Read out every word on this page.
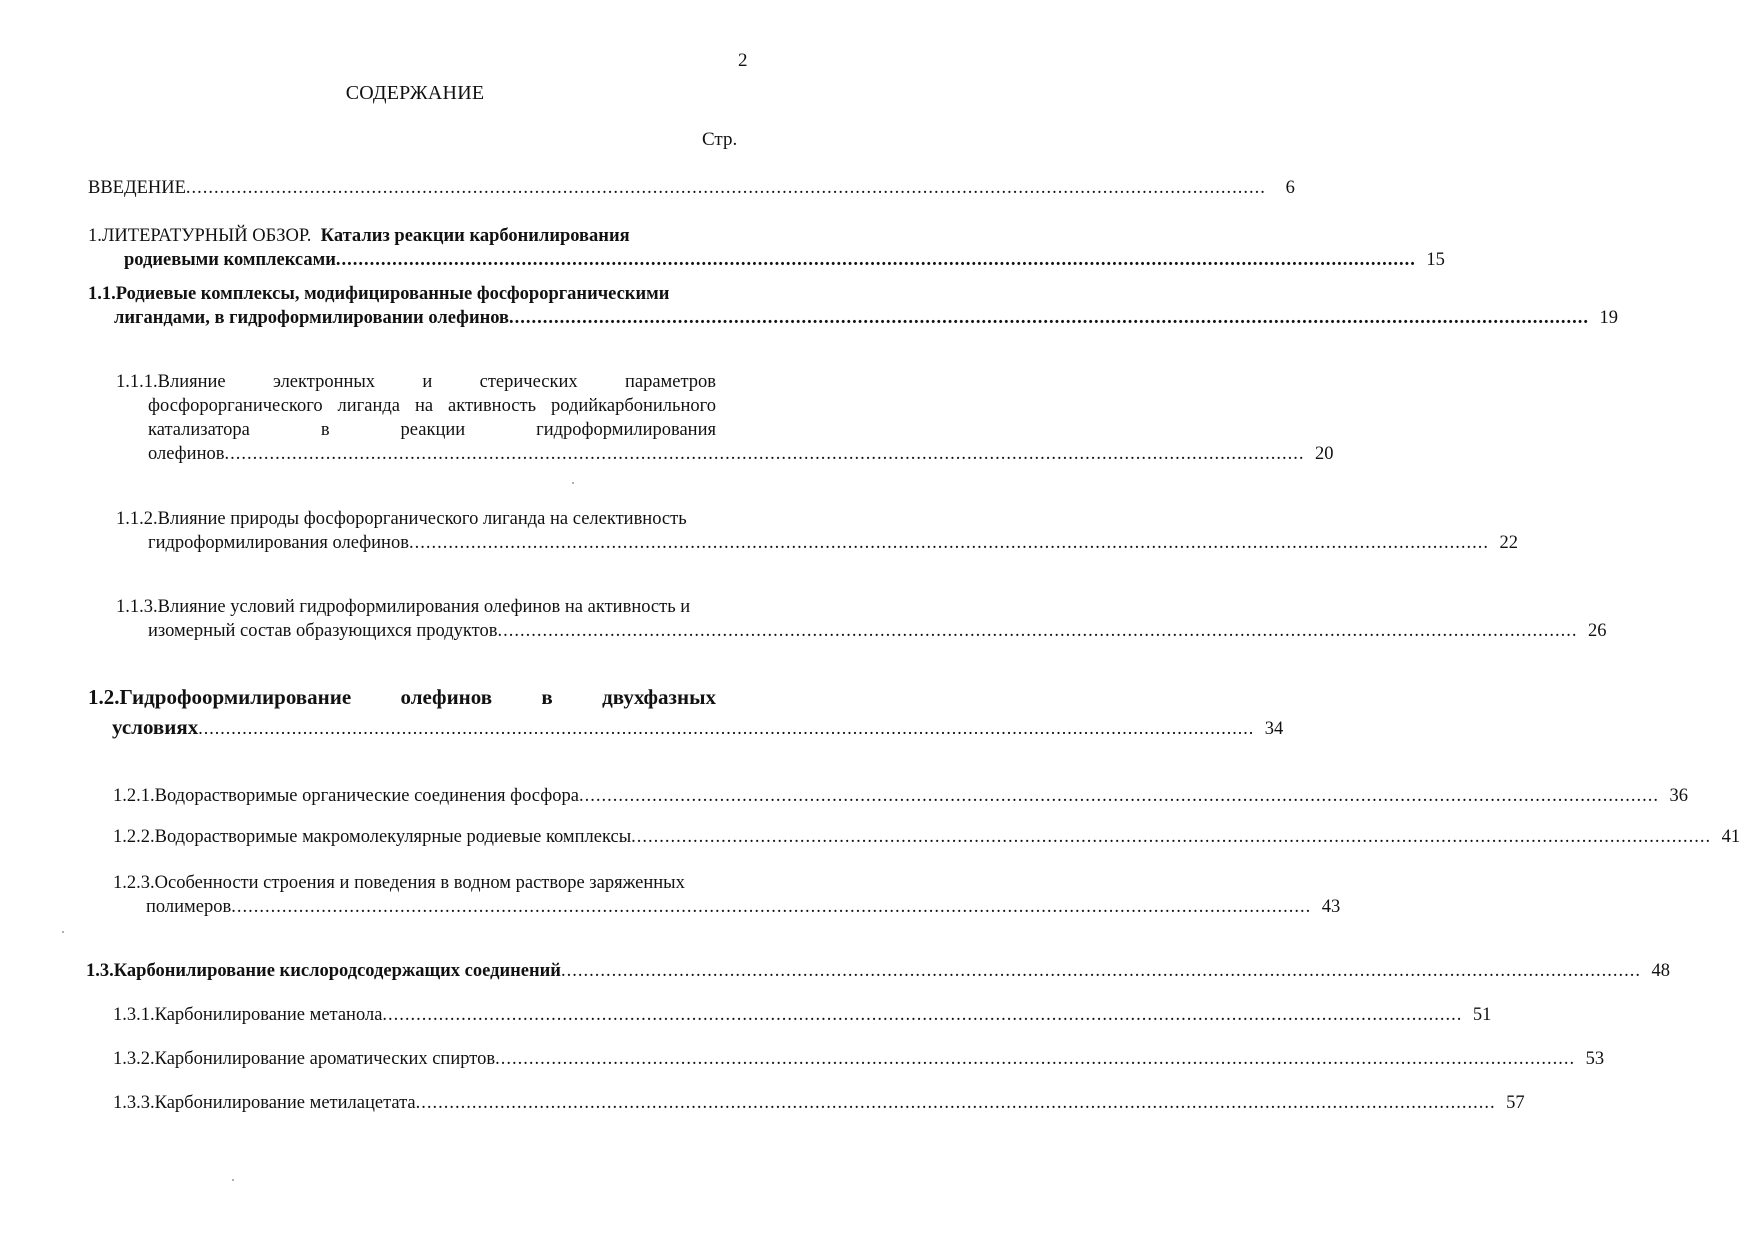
2
СОДЕРЖАНИЕ
Стр.
ВВЕДЕНИЕ ................................................................................................................................................................................................	6
1.ЛИТЕРАТУРНЫЙ ОБЗОР. Катализ реакции карбонилирования
родиевыми комплексами ................................................................................................................................................................................................ 15
1.1.Родиевые комплексы, модифицированные фосфорорганическими
лигандами, в гидроформилировании олефинов ................................................................................................................................................................................................ 19
1.1.1.Влияние электронных и стерических параметров
фосфорорганического лиганда на активность родийкарбонильного
катализатора в реакции гидроформилирования
олефинов ................................................................................................................................................................................................ 20
1.1.2.Влияние природы фосфорорганического лиганда на селективность
гидроформилирования олефинов ................................................................................................................................................................................................ 22
1.1.3.Влияние условий гидроформилирования олефинов на активность и
изомерный состав образующихся продуктов ................................................................................................................................................................................................ 26
1.2.Гидрофоормилирование олефинов в двухфазных
условиях ................................................................................................................................................................................................ 34
1.2.1.Водорастворимые органические соединения фосфора ................................................................................................................................................................................................ 36
1.2.2.Водорастворимые макромолекулярные родиевые комплексы ................................................................................................................................................................................................ 41
1.2.3.Особенности строения и поведения в водном растворе заряженных
полимеров ................................................................................................................................................................................................ 43
1.3.Карбонилирование кислородсодержащих соединений ................................................................................................................................................................................................ 48
1.3.1.Карбонилирование метанола ................................................................................................................................................................................................ 51
1.3.2.Карбонилирование ароматических спиртов ................................................................................................................................................................................................ 53
1.3.3.Карбонилирование метилацетата ................................................................................................................................................................................................ 57
